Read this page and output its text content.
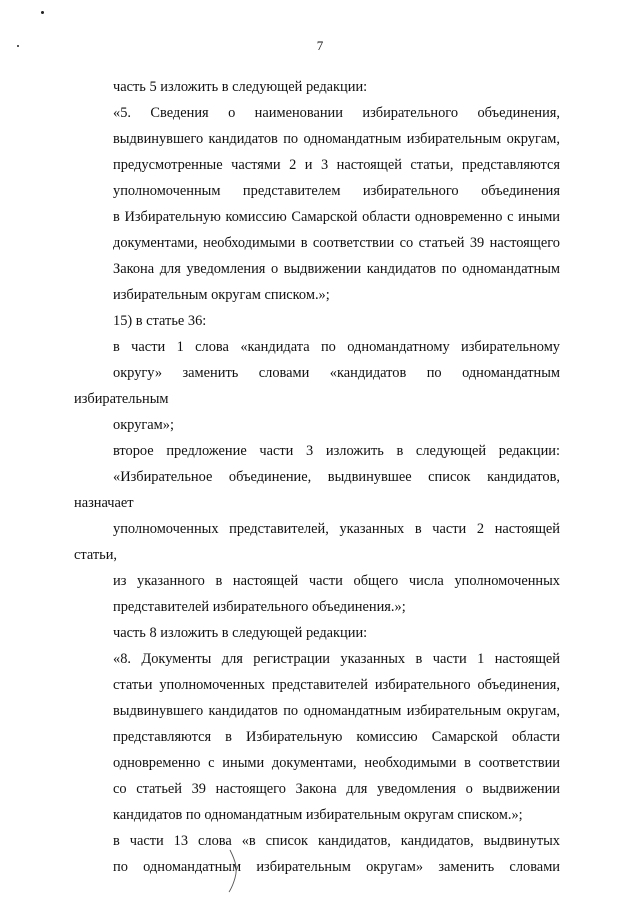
7

часть 5 изложить в следующей редакции:

«5. Сведения о наименовании избирательного объединения,
выдвинувшего кандидатов по одномандатным избирательным округам,
предусмотренные частями 2 и 3 настоящей статьи, представляются
уполномоченным представителем избирательного объединения
в Избирательную комиссию Самарской области одновременно с иными
документами, необходимыми в соответствии со статьей 39 настоящего
Закона для уведомления о выдвижении кандидатов по одномандатным
избирательным округам списком.»;

15) в статье 36:

в части 1 слова «кандидата по одномандатному избирательному
округу» заменить словами «кандидатов по одномандатным избирательным
округам»;

второе предложение части 3 изложить в следующей редакции:
«Избирательное объединение, выдвинувшее список кандидатов, назначает
уполномоченных представителей, указанных в части 2 настоящей статьи,
из указанного в настоящей части общего числа уполномоченных
представителей избирательного объединения.»;

часть 8 изложить в следующей редакции:

«8. Документы для регистрации указанных в части 1 настоящей
статьи уполномоченных представителей избирательного объединения,
выдвинувшего кандидатов по одномандатным избирательным округам,
представляются в Избирательную комиссию Самарской области
одновременно с иными документами, необходимыми в соответствии
со статьей 39 настоящего Закона для уведомления о выдвижении
кандидатов по одномандатным избирательным округам списком.»;

в части 13 слова «в список кандидатов, кандидатов, выдвинутых
по одномандатным избирательным округам» заменить словами
